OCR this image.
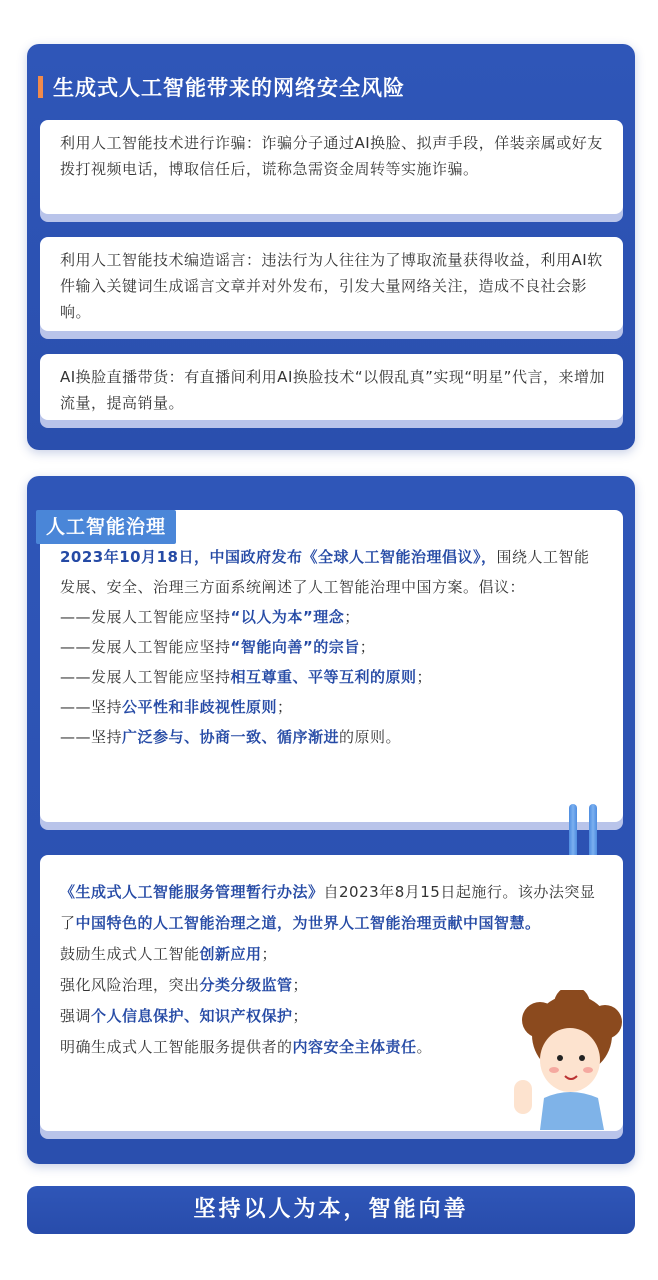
生成式人工智能带来的网络安全风险
利用人工智能技术进行诈骗：诈骗分子通过AI换脸、拟声手段，佯装亲属或好友拨打视频电话，博取信任后，谎称急需资金周转等实施诈骗。
利用人工智能技术编造谣言：违法行为人往往为了博取流量获得收益，利用AI软件输入关键词生成谣言文章并对外发布，引发大量网络关注，造成不良社会影响。
AI换脸直播带货：有直播间利用AI换脸技术“以假乱真”实现“明星”代言，来增加流量，提高销量。

2023年10月18日，中国政府发布《全球人工智能治理倡议》，围绕人工智能发展、安全、治理三方面系统阐述了人工智能治理中国方案。倡议：

——发展人工智能应坚持“以人为本”理念；

——发展人工智能应坚持“智能向善”的宗旨；

——发展人工智能应坚持相互尊重、平等互利的原则；

——坚持公平性和非歧视性原则；

——坚持广泛参与、协商一致、循序渐进的原则。

人工智能治理

《生成式人工智能服务管理暂行办法》自2023年8月15日起施行。该办法突显了中国特色的人工智能治理之道，为世界人工智能治理贡献中国智慧。

鼓励生成式人工智能创新应用；

强化风险治理，突出分类分级监管；

强调个人信息保护、知识产权保护；

明确生成式人工智能服务提供者的内容安全主体责任。

坚持以人为本，智能向善
